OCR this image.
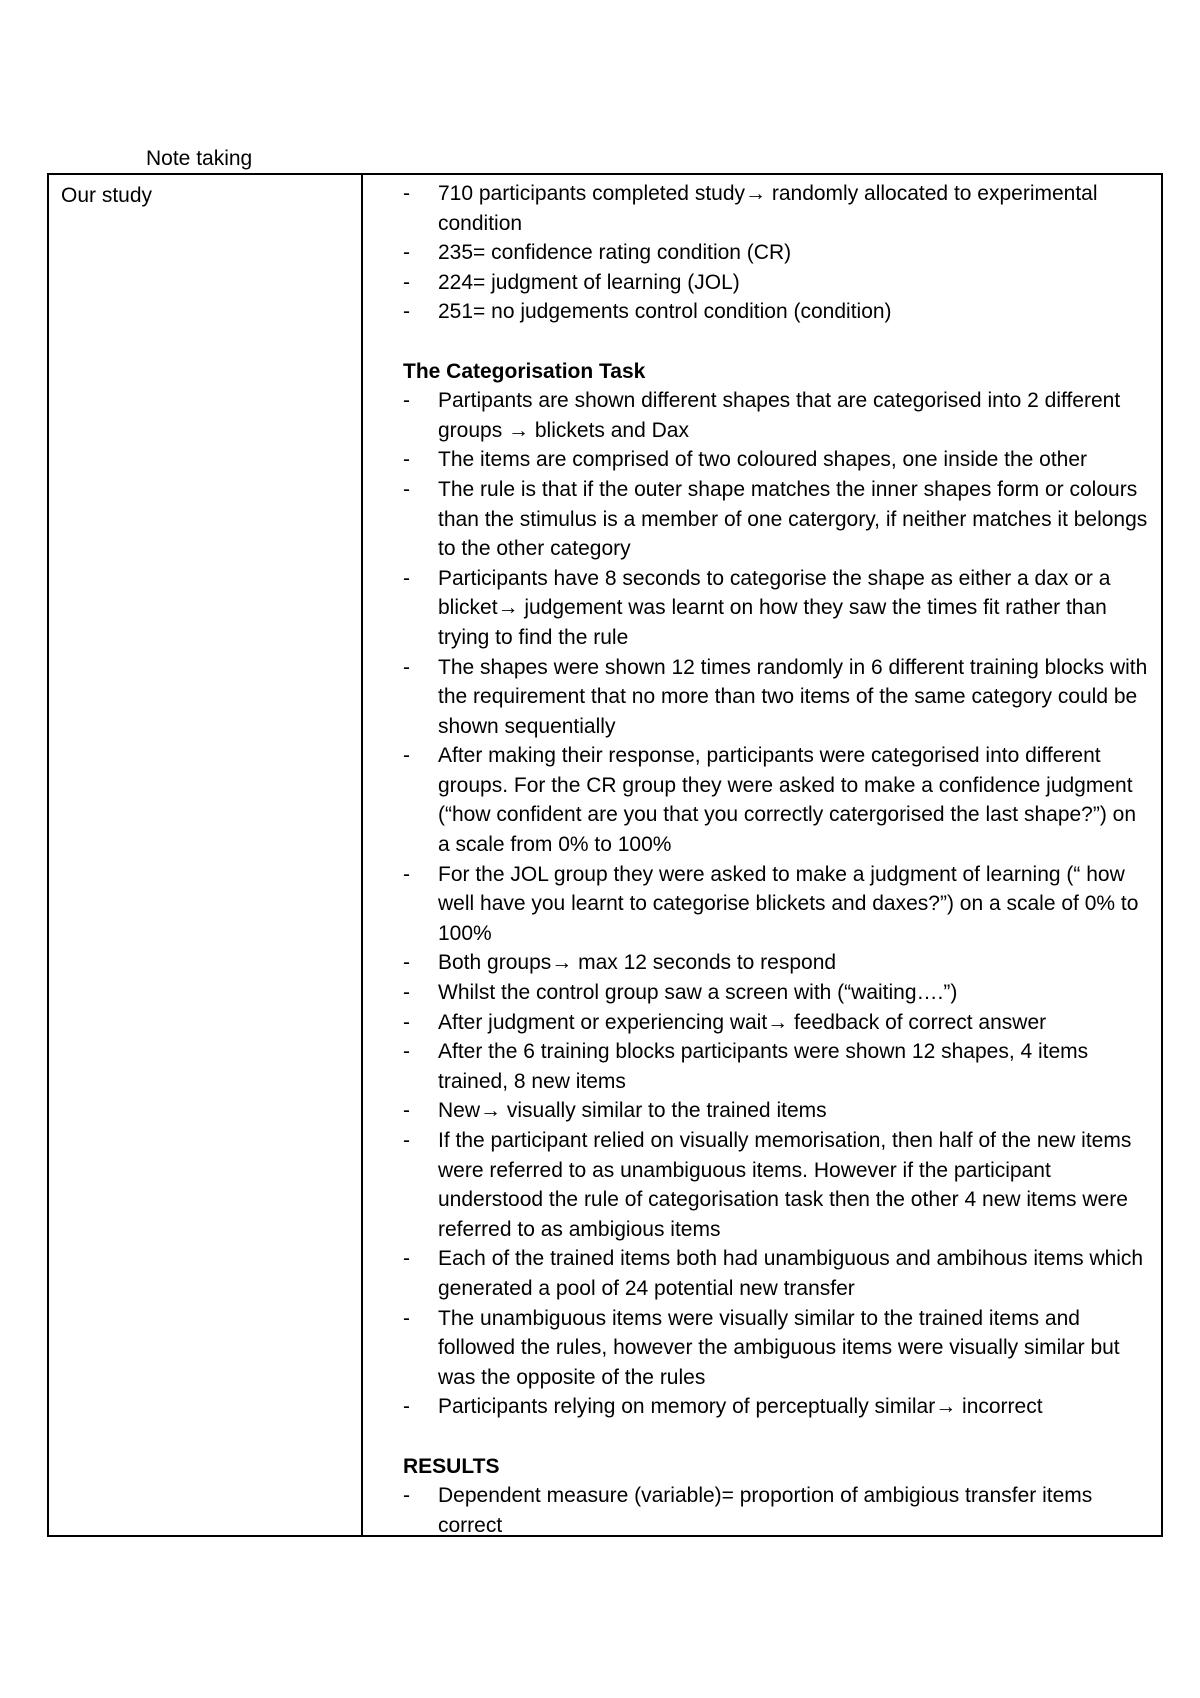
Note taking
Our study	- 710 participants completed study→ randomly allocated to experimental condition
- 235= confidence rating condition (CR)
- 224= judgment of learning (JOL)
- 251= no judgements control condition (condition)
The Categorisation Task
- Partipants are shown different shapes that are categorised into 2 different groups → blickets and Dax
- The items are comprised of two coloured shapes, one inside the other
- The rule is that if the outer shape matches the inner shapes form or colours than the stimulus is a member of one catergory, if neither matches it belongs to the other category
- Participants have 8 seconds to categorise the shape as either a dax or a blicket→ judgement was learnt on how they saw the times fit rather than trying to find the rule
- The shapes were shown 12 times randomly in 6 different training blocks with the requirement that no more than two items of the same category could be shown sequentially
- After making their response, participants were categorised into different groups. For the CR group they were asked to make a confidence judgment (“how confident are you that you correctly catergorised the last shape?”) on a scale from 0% to 100%
- For the JOL group they were asked to make a judgment of learning (“ how well have you learnt to categorise blickets and daxes?”) on a scale of 0% to 100%
- Both groups→ max 12 seconds to respond
- Whilst the control group saw a screen with (“waiting….”)
- After judgment or experiencing wait→ feedback of correct answer
- After the 6 training blocks participants were shown 12 shapes, 4 items trained, 8 new items
- New→ visually similar to the trained items
- If the participant relied on visually memorisation, then half of the new items were referred to as unambiguous items. However if the participant understood the rule of categorisation task then the other 4 new items were referred to as ambigious items
- Each of the trained items both had unambiguous and ambihous items which generated a pool of 24 potential new transfer
- The unambiguous items were visually similar to the trained items and followed the rules, however the ambiguous items were visually similar but was the opposite of the rules
- Participants relying on memory of perceptually similar→ incorrect
RESULTS
- Dependent measure (variable)= proportion of ambigious transfer items correct
